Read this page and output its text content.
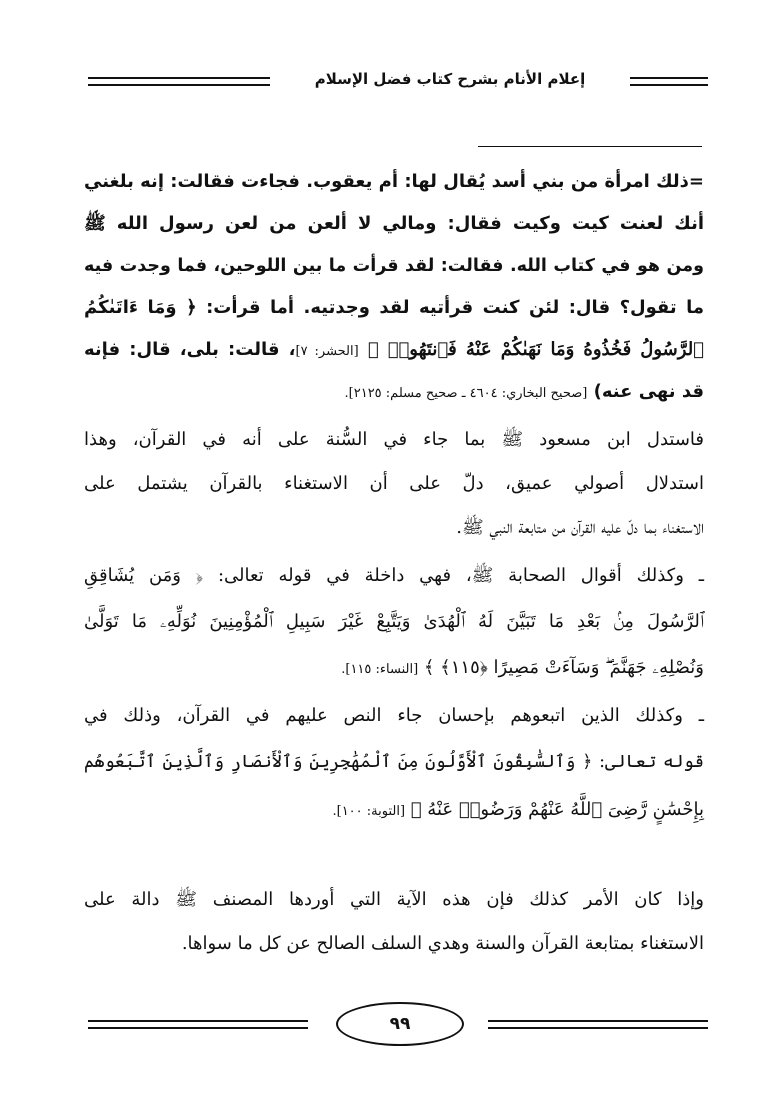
إعلام الأنام بشرح كتاب فضل الإسلام
=ذلك امرأة من بني أسد يُقال لها: أم يعقوب. فجاءت فقالت: إنه بلغني
أنك لعنت كيت وكيت فقال: ومالي لا ألعن من لعن رسول الله ﷺ
ومن هو في كتاب الله. فقالت: لقد قرأت ما بين اللوحين، فما وجدت فيه
ما تقول؟ قال: لئن كنت قرأتيه لقد وجدتيه. أما قرأت: ﴿ وَمَا ءَاتَىٰكُمُ
ٱلرَّسُولُ فَخُذُوهُ وَمَا نَهَىٰكُمْ عَنْهُ فَٱنتَهُوا۟ ﴾ [الحشر: ٧]، قالت: بلى، قال: فإنه
قد نهى عنه) [صحيح البخاري: ٤٦٠٤ ـ صحيح مسلم: ٢١٢٥].
فاستدل ابن مسعود ﷺ بما جاء في السُّنة على أنه في القرآن، وهذا
استدلال أصولي عميق، دلّ على أن الاستغناء بالقرآن يشتمل على
الاستغناء بما دلّ عليه القرآن من متابعة النبي ﷺ.
ـ وكذلك أقوال الصحابة ﷺ، فهي داخلة في قوله تعالى: ﴿ وَمَن يُشَاقِقِ
ٱلرَّسُولَ مِنۢ بَعْدِ مَا تَبَيَّنَ لَهُ ٱلْهُدَىٰ وَيَتَّبِعْ غَيْرَ سَبِيلِ ٱلْمُؤْمِنِينَ نُوَلِّهِۦ مَا تَوَلَّىٰ
وَنُصْلِهِۦ جَهَنَّمَ ۖ وَسَآءَتْ مَصِيرًا ﴿١١٥﴾ ﴾ [النساء: ١١٥].
ـ وكذلك الذين اتبعوهم بإحسان جاء النص عليهم في القرآن، وذلك في
قوله تعالى: ﴿ وَٱلسَّٰبِقُونَ ٱلْأَوَّلُونَ مِنَ ٱلْمُهَٰجِرِينَ وَٱلْأَنصَارِ وَٱلَّذِينَ ٱتَّبَعُوهُم
بِإِحْسَٰنٍ رَّضِىَ ٱللَّهُ عَنْهُمْ وَرَضُوا۟ عَنْهُ ﴾ [التوبة: ١٠٠].
وإذا كان الأمر كذلك فإن هذه الآية التي أوردها المصنف ﷺ دالة على
الاستغناء بمتابعة القرآن والسنة وهدي السلف الصالح عن كل ما سواها.
٩٩
